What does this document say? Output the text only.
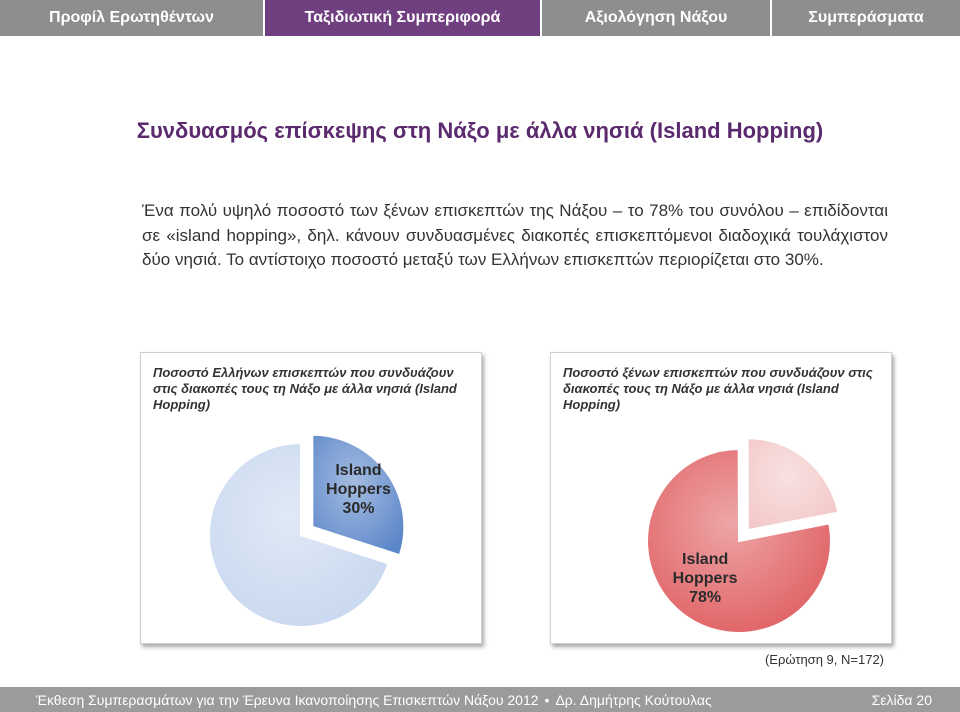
Προφίλ Ερωτηθέντων	Ταξιδιωτική Συμπεριφορά	Αξιολόγηση Νάξου	Συμπεράσματα
Συνδυασμός επίσκεψης στη Νάξο με άλλα νησιά (Island Hopping)
Ένα πολύ υψηλό ποσοστό των ξένων επισκεπτών της Νάξου – το 78% του συνόλου – επιδίδονται σε «island hopping», δηλ. κάνουν συνδυασμένες διακοπές επισκεπτόμενοι διαδοχικά τουλάχιστον δύο νησιά. Το αντίστοιχο ποσοστό μεταξύ των Ελλήνων επισκεπτών περιορίζεται στο 30%.
Ποσοστό Ελλήνων επισκεπτών που συνδυάζουν στις διακοπές τους τη Νάξο με άλλα νησιά (Island Hopping)
Island
Hoppers
30%
Ποσοστό ξένων επισκεπτών που συνδυάζουν στις διακοπές τους τη Νάξο με άλλα νησιά (Island Hopping)
Island
Hoppers
78%
(Ερώτηση 9, Ν=172)
Έκθεση Συμπερασμάτων για την Έρευνα Ικανοποίησης Επισκεπτών Νάξου 2012 • Δρ. Δημήτρης Κούτουλας	Σελίδα 20
